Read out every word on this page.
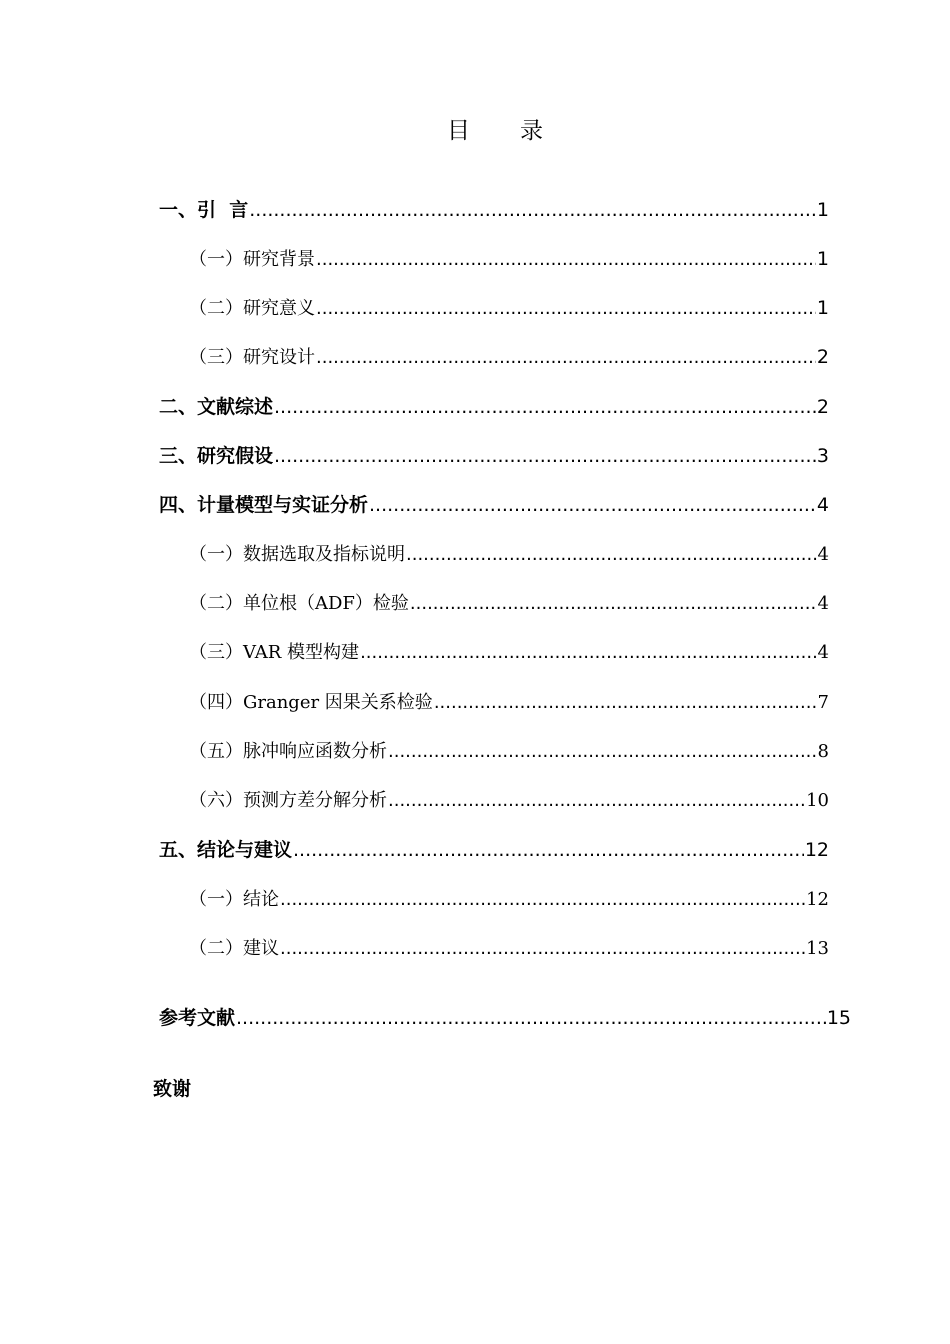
目 录
一、引  言 .....	1
（一）研究背景 .....	1
（二）研究意义 .....	1
（三）研究设计 .....	2
二、文献综述 .....	2
三、研究假设 .....	3
四、计量模型与实证分析 .....	4
（一）数据选取及指标说明 .....	4
（二）单位根（ADF）检验 .....	4
（三）VAR 模型构建 .....	4
（四）Granger 因果关系检验 .....	7
（五）脉冲响应函数分析 .....	8
（六）预测方差分解分析 .....	10
五、结论与建议 .....	12
（一）结论 .....	12
（二）建议 .....	13
参考文献 .....	15
致谢
